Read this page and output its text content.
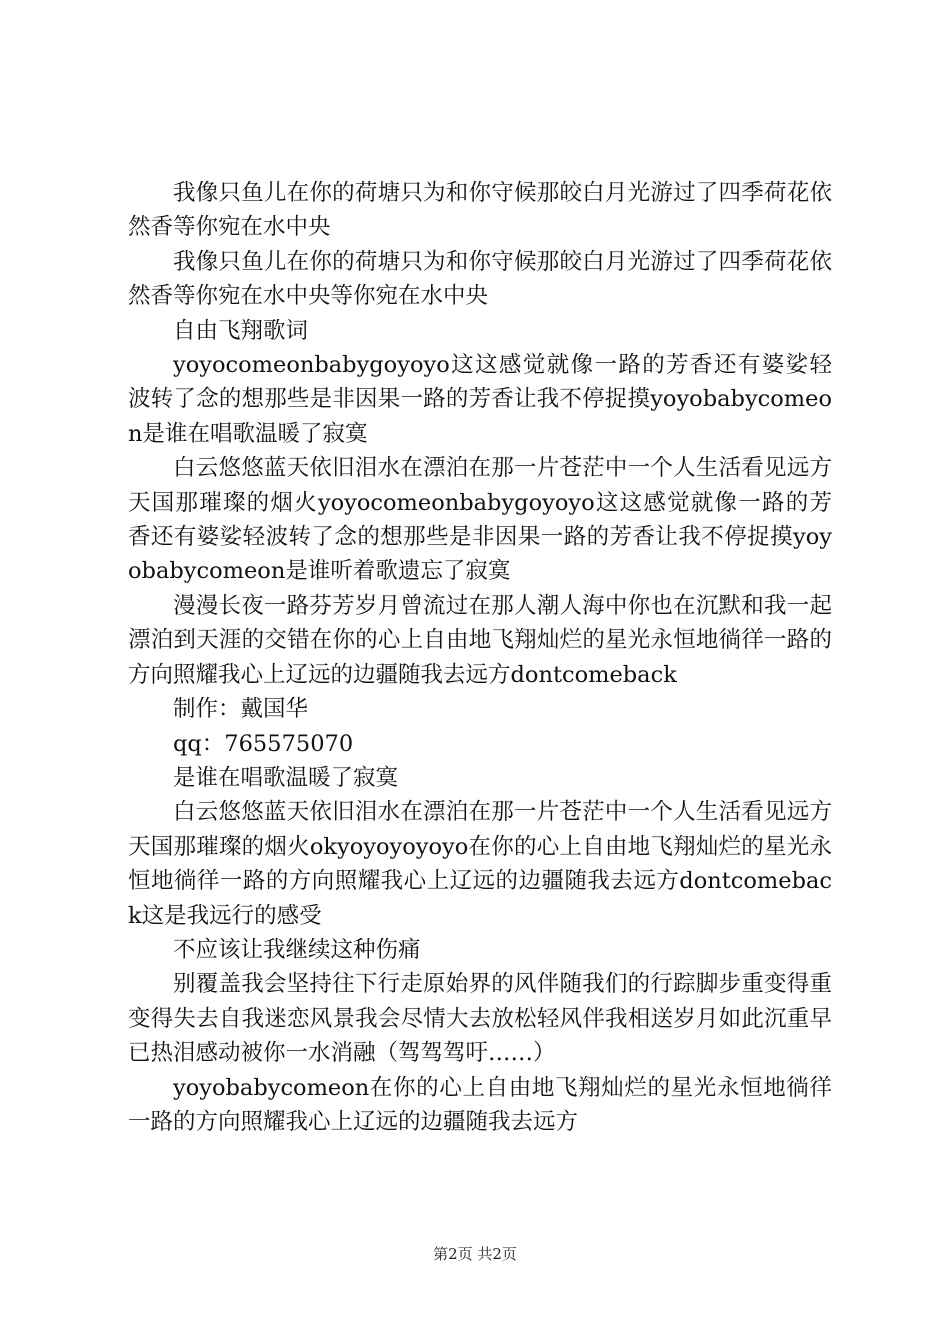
我像只鱼儿在你的荷塘只为和你守候那皎白月光游过了四季荷花依然香等你宛在水中央

我像只鱼儿在你的荷塘只为和你守候那皎白月光游过了四季荷花依然香等你宛在水中央等你宛在水中央

自由飞翔歌词

yoyocomeonbabygoyoyo这这感觉就像一路的芳香还有婆娑轻波转了念的想那些是非因果一路的芳香让我不停捉摸yoyobabycomeon是谁在唱歌温暖了寂寞

白云悠悠蓝天依旧泪水在漂泊在那一片苍茫中一个人生活看见远方天国那璀璨的烟火yoyocomeonbabygoyoyo这这感觉就像一路的芳香还有婆娑轻波转了念的想那些是非因果一路的芳香让我不停捉摸yoyobabycomeon是谁听着歌遗忘了寂寞

漫漫长夜一路芬芳岁月曾流过在那人潮人海中你也在沉默和我一起漂泊到天涯的交错在你的心上自由地飞翔灿烂的星光永恒地徜徉一路的方向照耀我心上辽远的边疆随我去远方dontcomeback

制作：戴国华

qq：765575070

是谁在唱歌温暖了寂寞

白云悠悠蓝天依旧泪水在漂泊在那一片苍茫中一个人生活看见远方天国那璀璨的烟火okyoyoyoyoyo在你的心上自由地飞翔灿烂的星光永恒地徜徉一路的方向照耀我心上辽远的边疆随我去远方dontcomeback这是我远行的感受

不应该让我继续这种伤痛

别覆盖我会坚持往下行走原始界的风伴随我们的行踪脚步重变得重变得失去自我迷恋风景我会尽情大去放松轻风伴我相送岁月如此沉重早已热泪感动被你一水消融（驾驾驾吁……）

yoyobabycomeon在你的心上自由地飞翔灿烂的星光永恒地徜徉一路的方向照耀我心上辽远的边疆随我去远方

第2页 共2页
